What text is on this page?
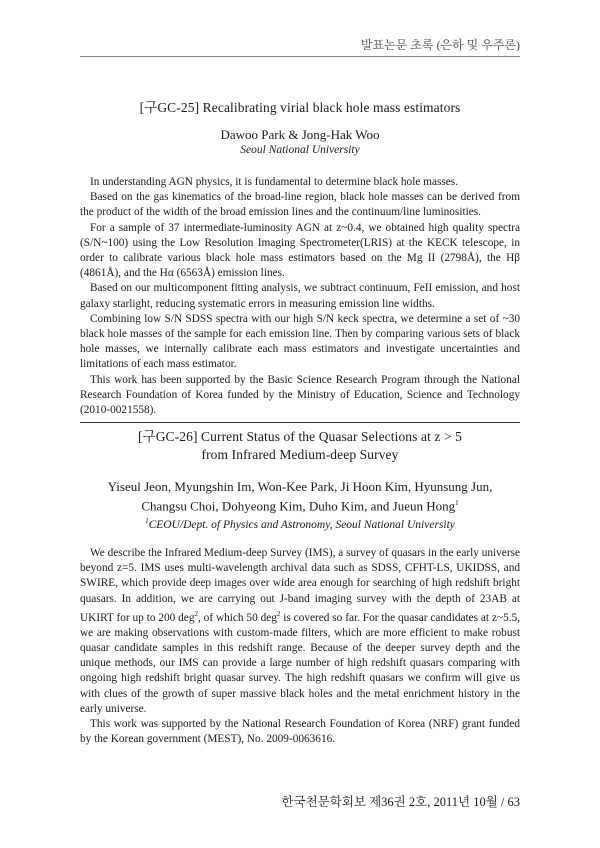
발표논문 초록 (은하 및 우주론)
[구GC-25] Recalibrating virial black hole mass estimators
Dawoo Park & Jong-Hak Woo
Seoul National University

In understanding AGN physics, it is fundamental to determine black hole masses.

Based on the gas kinematics of the broad-line region, black hole masses can be derived from the product of the width of the broad emission lines and the continuum/line luminosities.

For a sample of 37 intermediate-luminosity AGN at z~0.4, we obtained high quality spectra (S/N~100) using the Low Resolution Imaging Spectrometer(LRIS) at the KECK telescope, in order to calibrate various black hole mass estimators based on the Mg II (2798Å), the Hβ (4861Å), and the Hα (6563Å) emission lines.

Based on our multicomponent fitting analysis, we subtract continuum, FeII emission, and host galaxy starlight, reducing systematic errors in measuring emission line widths.

Combining low S/N SDSS spectra with our high S/N keck spectra, we determine a set of ~30 black hole masses of the sample for each emission line. Then by comparing various sets of black hole masses, we internally calibrate each mass estimators and investigate uncertainties and limitations of each mass estimator.

This work has been supported by the Basic Science Research Program through the National Research Foundation of Korea funded by the Ministry of Education, Science and Technology (2010-0021558).

[구GC-26] Current Status of the Quasar Selections at z > 5
from Infrared Medium-deep Survey
Yiseul Jeon, Myungshin Im, Won-Kee Park, Ji Hoon Kim, Hyunsung Jun,
Changsu Choi, Dohyeong Kim, Duho Kim, and Jueun Hong$^1$
$^1$CEOU/Dept. of Physics and Astronomy, Seoul National University

We describe the Infrared Medium-deep Survey (IMS), a survey of quasars in the early universe beyond z=5. IMS uses multi-wavelength archival data such as SDSS, CFHT-LS, UKIDSS, and SWIRE, which provide deep images over wide area enough for searching of high redshift bright quasars. In addition, we are carrying out J-band imaging survey with the depth of 23AB at UKIRT for up to 200 deg$^2$, of which 50 deg$^2$ is covered so far. For the quasar candidates at z~5.5, we are making observations with custom-made filters, which are more efficient to make robust quasar candidate samples in this redshift range. Because of the deeper survey depth and the unique methods, our IMS can provide a large number of high redshift quasars comparing with ongoing high redshift bright quasar survey. The high redshift quasars we confirm will give us with clues of the growth of super massive black holes and the metal enrichment history in the early universe.

This work was supported by the National Research Foundation of Korea (NRF) grant funded by the Korean government (MEST), No. 2009-0063616.

한국천문학회보 제36권 2호, 2011년 10월 / 63
